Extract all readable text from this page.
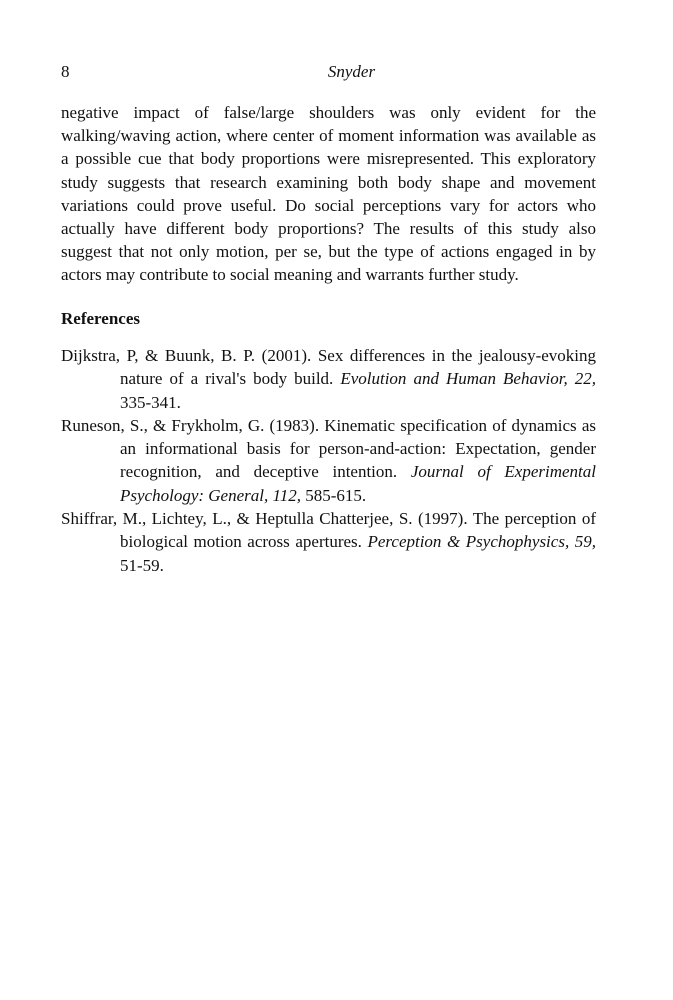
8	Snyder

negative impact of false/large shoulders was only evident for the walking/waving action, where center of moment information was available as a possible cue that body proportions were misrepresented. This exploratory study suggests that research examining both body shape and movement variations could prove useful. Do social perceptions vary for actors who actually have different body proportions? The results of this study also suggest that not only motion, per se, but the type of actions engaged in by actors may contribute to social meaning and warrants further study.

References
Dijkstra, P, & Buunk, B. P. (2001). Sex differences in the jealousy-evoking nature of a rival's body build. Evolution and Human Behavior, 22, 335-341.
Runeson, S., & Frykholm, G. (1983). Kinematic specification of dynamics as an informational basis for person-and-action: Expectation, gender recognition, and deceptive intention. Journal of Experimental Psychology: General, 112, 585-615.
Shiffrar, M., Lichtey, L., & Heptulla Chatterjee, S. (1997). The perception of biological motion across apertures. Perception & Psychophysics, 59, 51-59.
